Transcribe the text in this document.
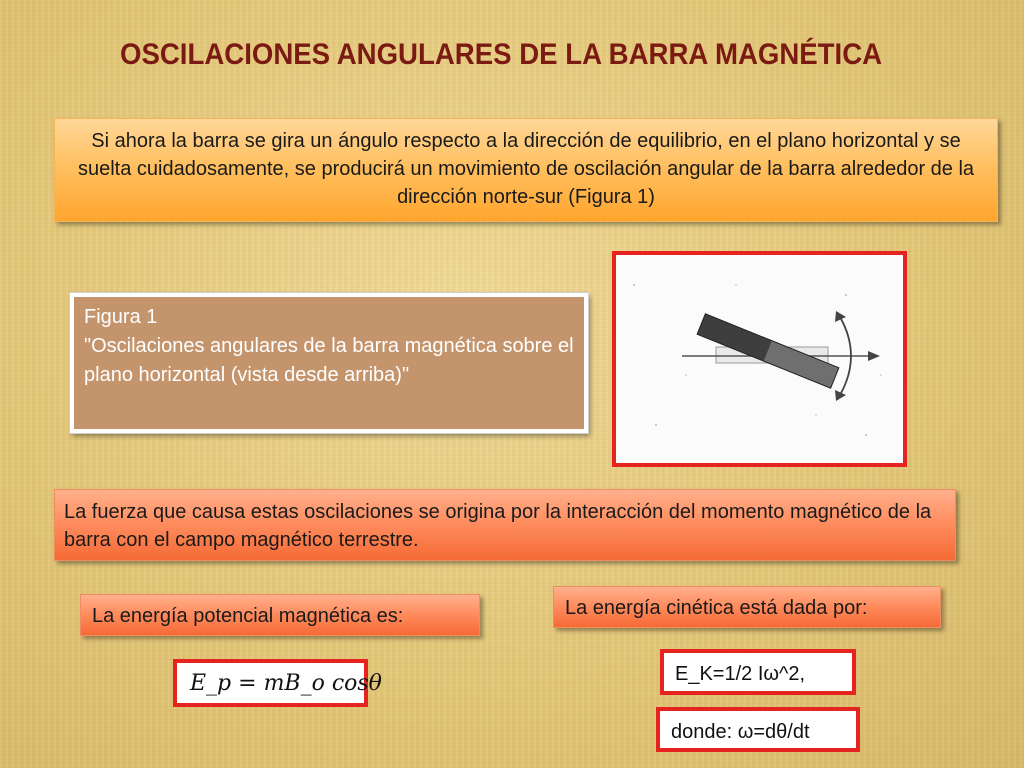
OSCILACIONES ANGULARES DE LA BARRA MAGNÉTICA
Si ahora la barra se gira un ángulo respecto a la dirección de equilibrio, en el plano horizontal y se suelta cuidadosamente, se producirá un movimiento de oscilación angular de la barra alrededor de la dirección norte-sur (Figura 1)
Figura 1
"Oscilaciones angulares de la barra magnética sobre el plano horizontal (vista desde arriba)"
La fuerza que causa estas oscilaciones se origina por la interacción del momento magnético de la barra con el campo magnético terrestre.
La energía potencial magnética es:	La energía cinética está dada por:
E_p = mB_o cosθ	E_K=1/2 Iω^2,
donde: ω=dθ/dt
